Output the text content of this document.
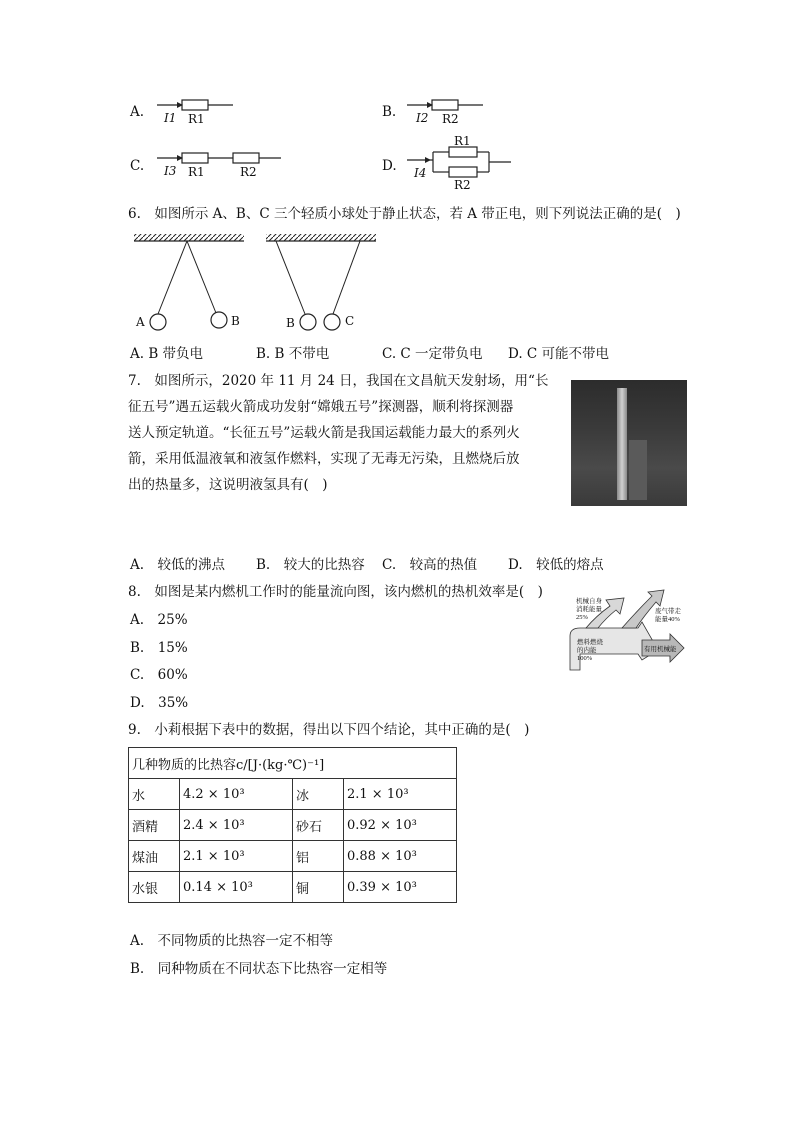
A. I1 R1	B. I2 R2
C. I3 R1	R2	D.
R1
I4
R2
6.　如图所示 A、B、C 三个轻质小球处于静止状态，若 A 带正电，则下列说法正确的是(　)
A	B	B	C
A. B 带负电	B. B 不带电	C. C 一定带负电 D. C 可能不带电
7.　如图所示，2020 年 11 月 24 日，我国在文昌航天发射场，用“长
征五号”遇五运载火箭成功发射“嫦娥五号”探测器，顺利将探测器
送人预定轨道。“长征五号”运载火箭是我国运载能力最大的系列火
箭，采用低温液氧和液氢作燃料，实现了无毒无污染，且燃烧后放
出的热量多，这说明液氢具有(　)
A.　较低的沸点 B.　较大的比热容 C.　较高的热值 D.　较低的熔点
8.　如图是某内燃机工作时的能量流向图，该内燃机的热机效率是(　)
A.　25%
B.　15%
C.　60%
D.　35%
机械自身
消耗能量
25%
废气带走
能量40%
燃料燃烧
的内能
100%
有用机械能
9.　小莉根据下表中的数据，得出以下四个结论，其中正确的是(　)
几种物质的比热容c/[J·(kg·℃)⁻¹]			
水	4.2 × 10³	冰	2.1 × 10³
酒精	2.4 × 10³	砂石	0.92 × 10³
煤油	2.1 × 10³	铝	0.88 × 10³
水银	0.14 × 10³	铜	0.39 × 10³
A.　不同物质的比热容一定不相等
B.　同种物质在不同状态下比热容一定相等
